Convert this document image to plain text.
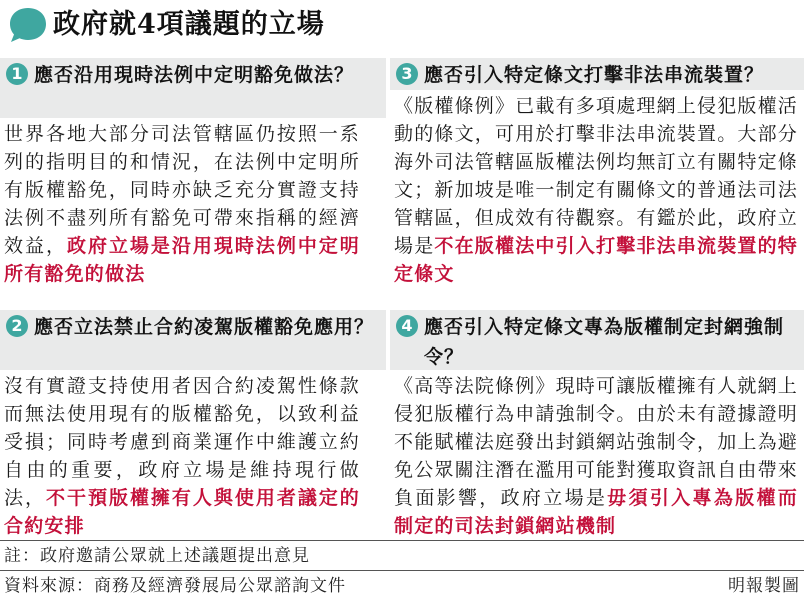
政府就4項議題的立場
1 應否沿用現時法例中定明豁免做法？
世界各地大部分司法管轄區仍按照一系列的指明目的和情況，在法例中定明所有版權豁免，同時亦缺乏充分實證支持法例不盡列所有豁免可帶來指稱的經濟效益，政府立場是沿用現時法例中定明所有豁免的做法
2 應否立法禁止合約凌駕版權豁免應用？
沒有實證支持使用者因合約凌駕性條款而無法使用現有的版權豁免，以致利益受損；同時考慮到商業運作中維護立約自由的重要，政府立場是維持現行做法，不干預版權擁有人與使用者議定的合約安排
3 應否引入特定條文打擊非法串流裝置？
《版權條例》已載有多項處理網上侵犯版權活動的條文，可用於打擊非法串流裝置。大部分海外司法管轄區版權法例均無訂立有關特定條文；新加坡是唯一制定有關條文的普通法司法管轄區，但成效有待觀察。有鑑於此，政府立場是不在版權法中引入打擊非法串流裝置的特定條文
4 應否引入特定條文專為版權制定封網強制令？
《高等法院條例》現時可讓版權擁有人就網上侵犯版權行為申請強制令。由於未有證據證明不能賦權法庭發出封鎖網站強制令，加上為避免公眾關注潛在濫用可能對獲取資訊自由帶來負面影響，政府立場是毋須引入專為版權而制定的司法封鎖網站機制
註：政府邀請公眾就上述議題提出意見
資料來源：商務及經濟發展局公眾諮詢文件	明報製圖
